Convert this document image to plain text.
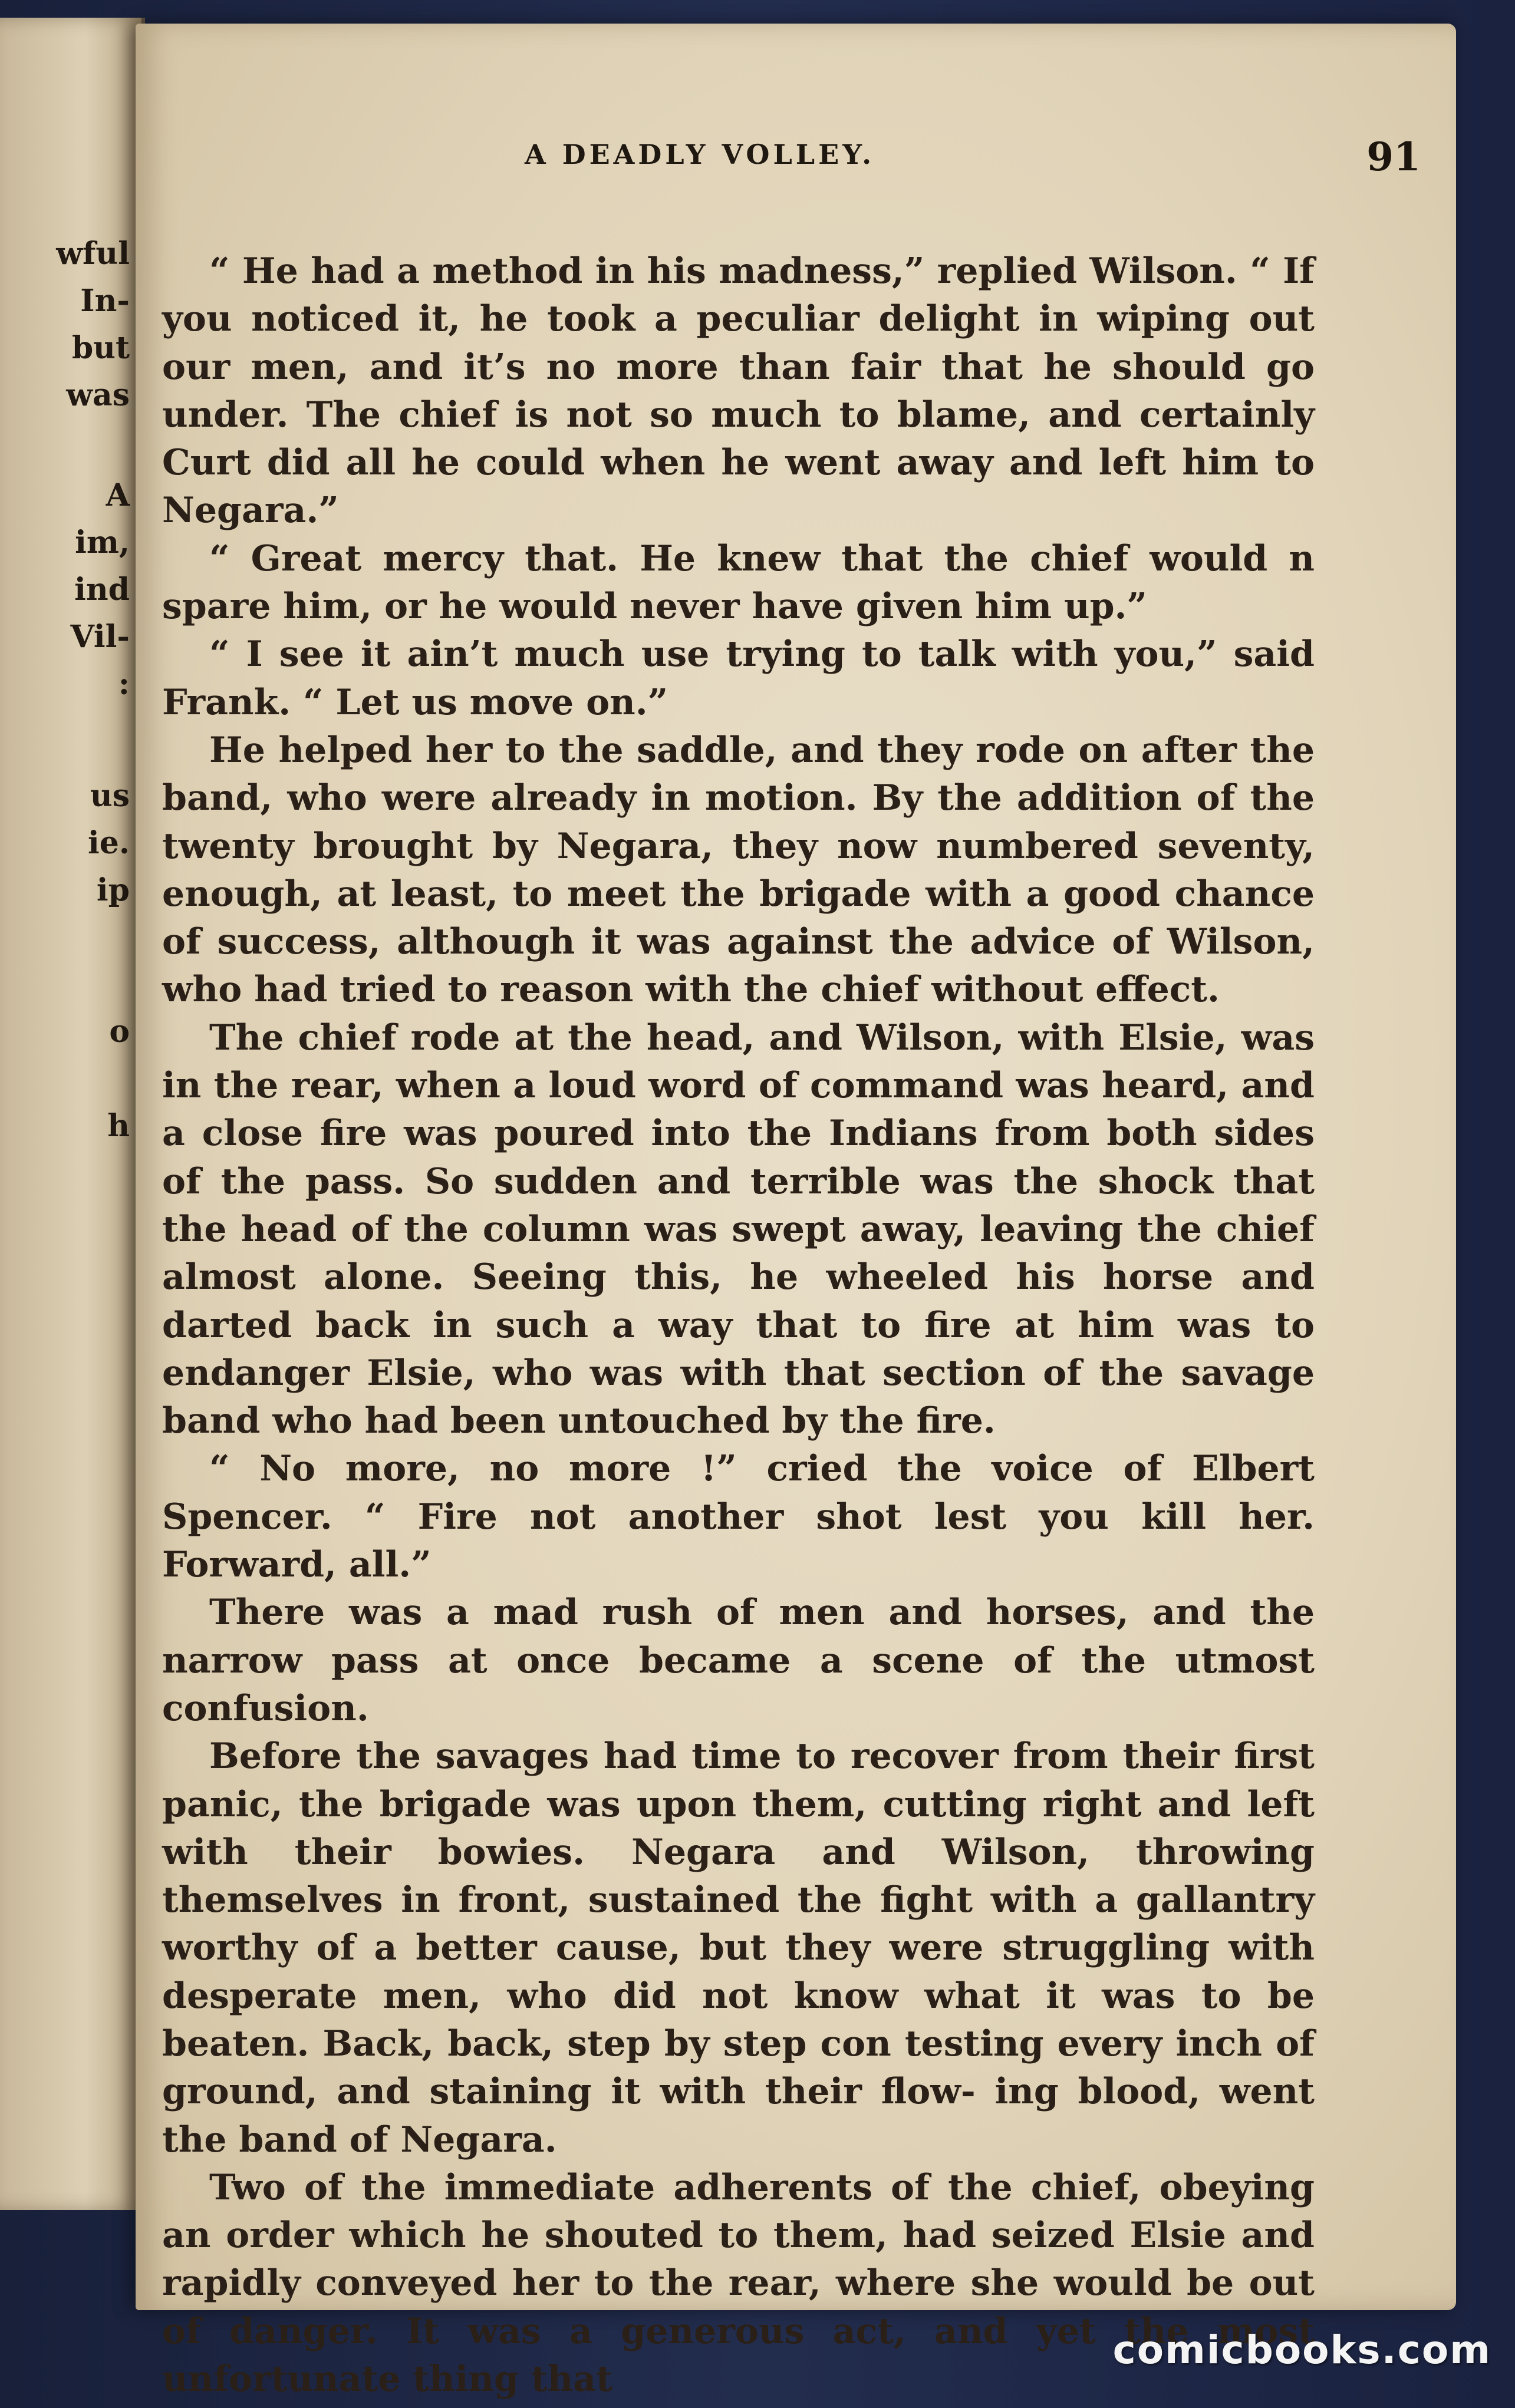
wful
In-
but
was
A
im,
ind
Vil-
:
us
ie.
ip
o
h
A DEADLY VOLLEY.	91

“ He had a method in his madness,” replied Wilson. “ If you noticed it, he took a peculiar delight in wiping out our men, and it’s no more than fair that he should go under. The chief is not so much to blame, and certainly Curt did all he could when he went away and left him to Negara.”

“ Great mercy that. He knew that the chief would n spare him, or he would never have given him up.”

“ I see it ain’t much use trying to talk with you,” said Frank. “ Let us move on.”

He helped her to the saddle, and they rode on after the band, who were already in motion. By the addition of the twenty brought by Negara, they now numbered seventy, enough, at least, to meet the brigade with a good chance of success, although it was against the advice of Wilson, who had tried to reason with the chief without effect.

The chief rode at the head, and Wilson, with Elsie, was in the rear, when a loud word of command was heard, and a close fire was poured into the Indians from both sides of the pass. So sudden and terrible was the shock that the head of the column was swept away, leaving the chief almost alone. Seeing this, he wheeled his horse and darted back in such a way that to fire at him was to endanger Elsie, who was with that section of the savage band who had been untouched by the fire.

“ No more, no more !” cried the voice of Elbert Spencer. “ Fire not another shot lest you kill her. Forward, all.”

There was a mad rush of men and horses, and the narrow pass at once became a scene of the utmost confusion.

Before the savages had time to recover from their first panic, the brigade was upon them, cutting right and left with their bowies. Negara and Wilson, throwing themselves in front, sustained the fight with a gallantry worthy of a better cause, but they were struggling with desperate men, who did not know what it was to be beaten. Back, back, step by step con testing every inch of ground, and staining it with their flow- ing blood, went the band of Negara.

Two of the immediate adherents of the chief, obeying an order which he shouted to them, had seized Elsie and rapidly conveyed her to the rear, where she would be out of danger. It was a generous act, and yet the most unfortunate thing that

comicbooks.com
